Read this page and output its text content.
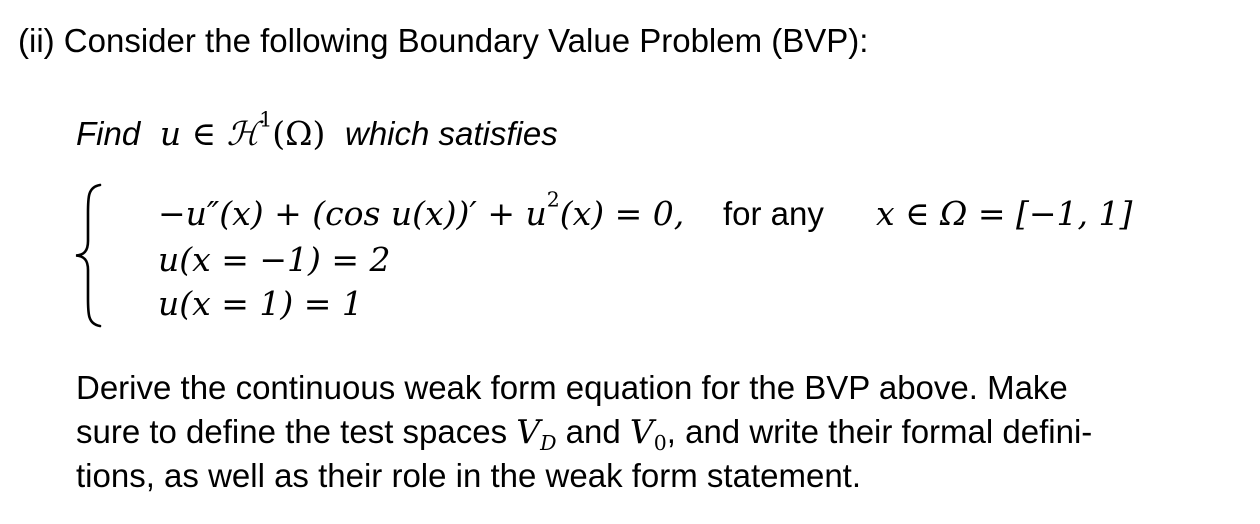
(ii) Consider the following Boundary Value Problem (BVP):
Find u ∈ ℋ$^1$(Ω) which satisfies
−u″(x) + (cos $u(x))' + u^2(x) = 0$, for any x ∈ Ω = [−1, 1]
u(x = −1) = 2
u(x = 1) = 1
Derive the continuous weak form equation for the BVP above. Make
sure to define the test spaces $V_D$ and $V_0$, and write their formal defini-
tions, as well as their role in the weak form statement.
